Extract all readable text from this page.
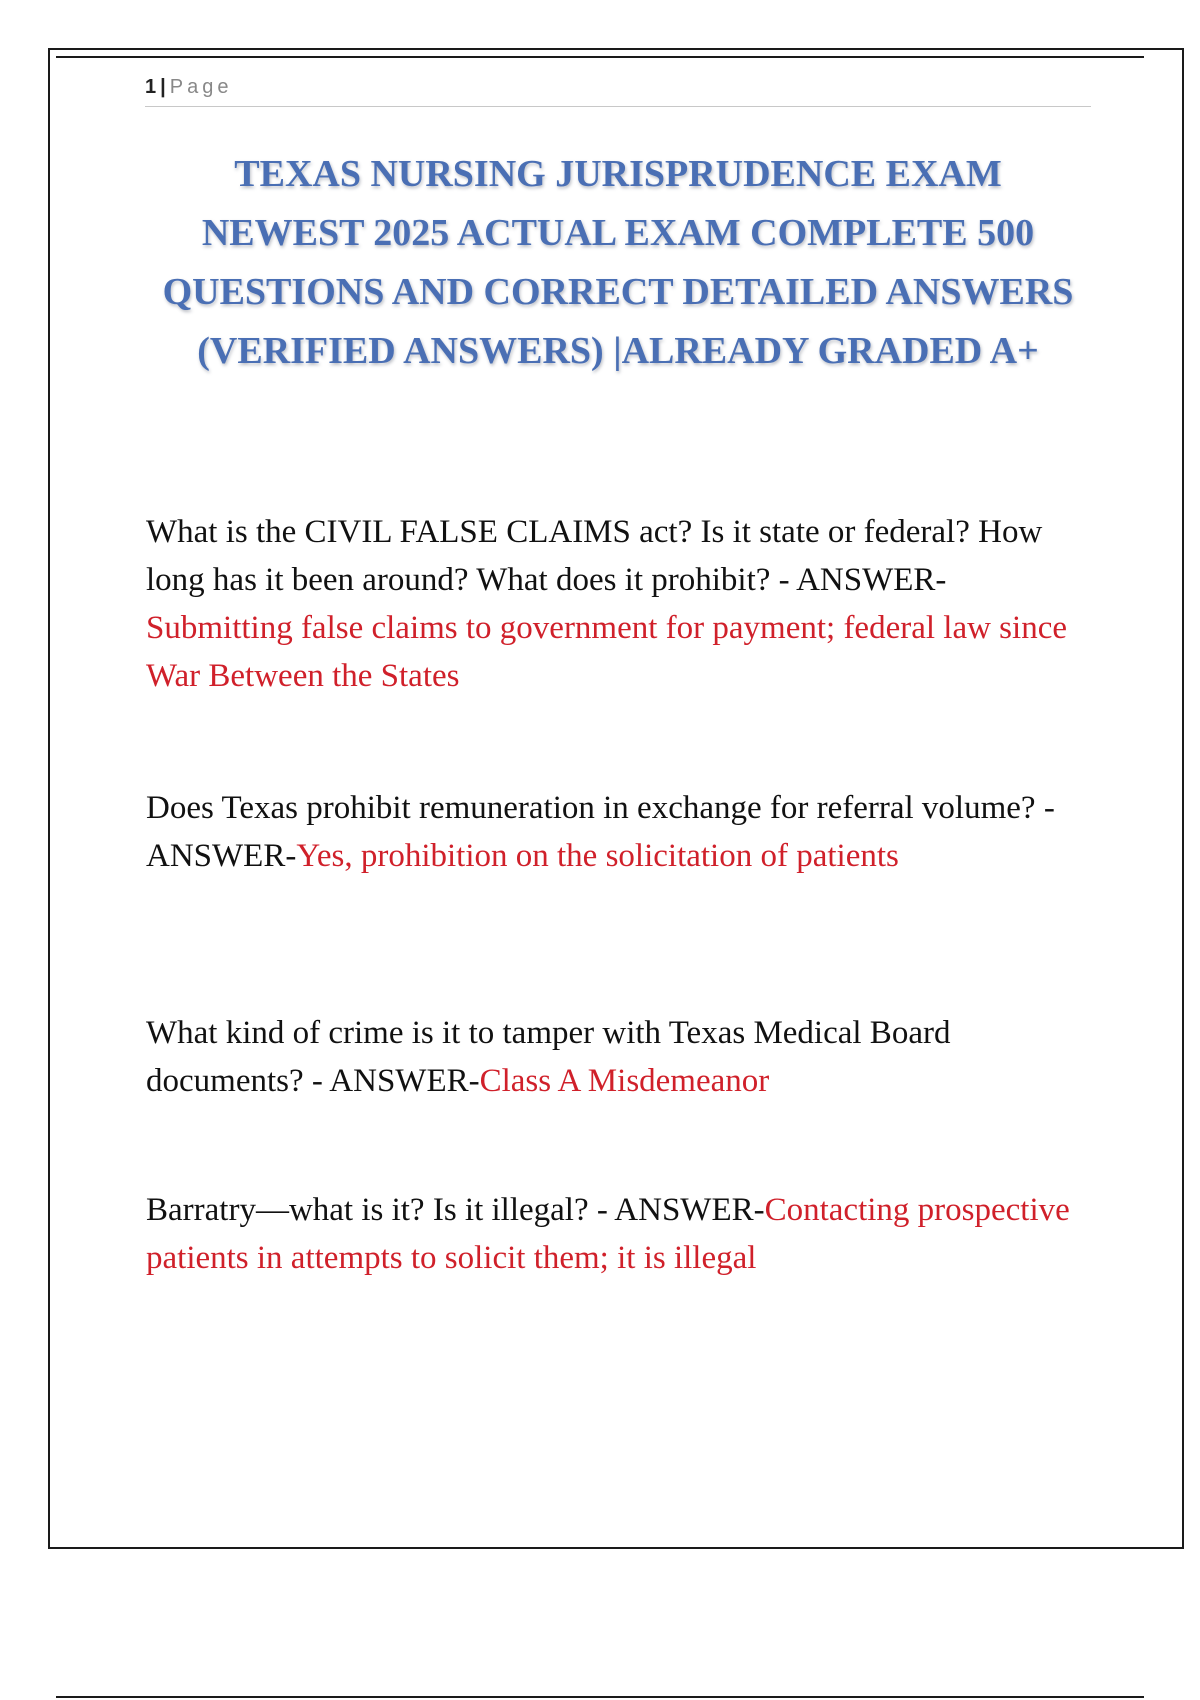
1 | Page
TEXAS NURSING JURISPRUDENCE EXAM NEWEST 2025 ACTUAL EXAM COMPLETE 500 QUESTIONS AND CORRECT DETAILED ANSWERS (VERIFIED ANSWERS) |ALREADY GRADED A+
What is the CIVIL FALSE CLAIMS act? Is it state or federal? How long has it been around? What does it prohibit? - ANSWER-Submitting false claims to government for payment; federal law since War Between the States
Does Texas prohibit remuneration in exchange for referral volume? - ANSWER-Yes, prohibition on the solicitation of patients
What kind of crime is it to tamper with Texas Medical Board documents? - ANSWER-Class A Misdemeanor
Barratry—what is it? Is it illegal? - ANSWER-Contacting prospective patients in attempts to solicit them; it is illegal
